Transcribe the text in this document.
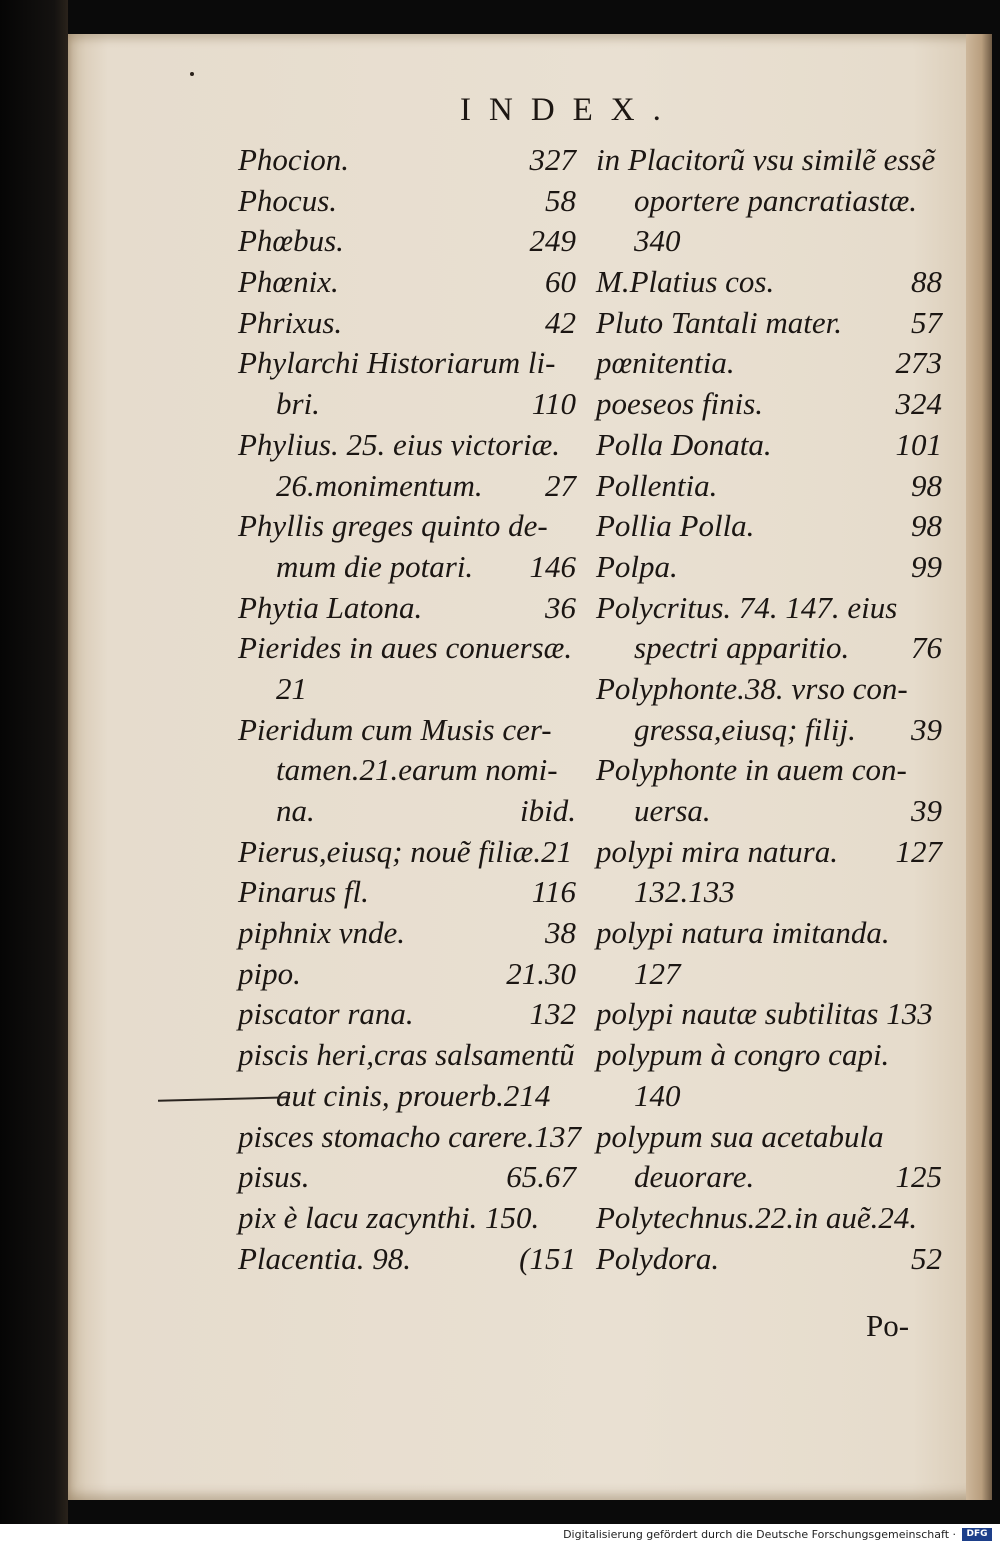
INDEX.
Phocion.	327
Phocus.	58
Phœbus.	249
Phœnix.	60
Phrixus.	42
Phylarchi Historiarum li-
bri.	110
Phylius. 25. eius victoriæ.
26.monimentum. 27
Phyllis greges quinto de-
mum die potari. 146
Phytia Latona.	36
Pierides in aues conuersæ.
21
Pieridum cum Musis cer-
tamen.21.earum nomi-
na.	ibid.
Pierus,eiusq; nouẽ filiæ.21
Pinarus fl.	116
piphnix vnde.	38
pipo.	21.30
piscator rana.	132
piscis heri,cras salsamentũ
aut cinis, prouerb.214
pisces stomacho carere.137
pisus.	65.67
pix è lacu zacynthi. 150.
Placentia. 98.	(151
in Placitorũ vsu similẽ essẽ
oportere pancratiastæ.
340
M.Platius cos.	88
Pluto Tantali mater. 57
pœnitentia.	273
poeseos finis.	324
Polla Donata.	101
Pollentia.	98
Pollia Polla.	98
Polpa.	99
Polycritus. 74. 147. eius
spectri apparitio. 76
Polyphonte.38. vrso con-
gressa,eiusq; filij. 39
Polyphonte in auem con-
uersa.	39
polypi mira natura. 127
132.133
polypi natura imitanda.
127
polypi nautæ subtilitas 133
polypum à congro capi.
140
polypum sua acetabula
deuorare.	125
Polytechnus.22.in auẽ.24.
Polydora.	52
Po-
Digitalisierung gefördert durch die Deutsche Forschungsgemeinschaft ·	DFG
